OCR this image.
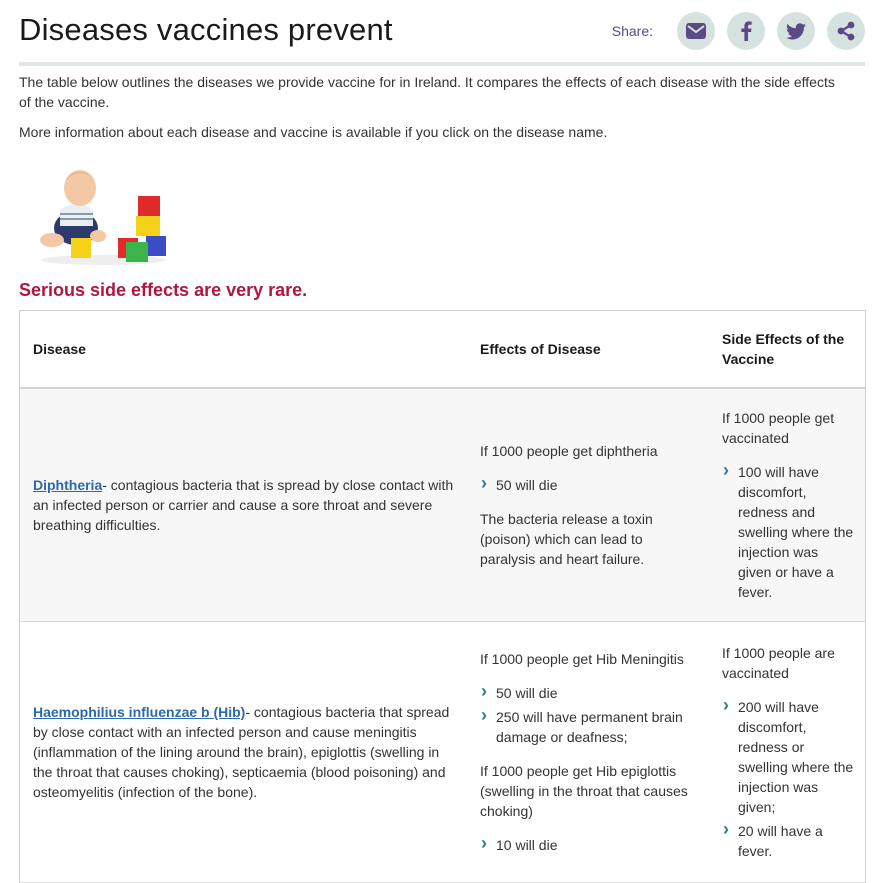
Diseases vaccines prevent	Share:

The table below outlines the diseases we provide vaccine for in Ireland. It compares the effects of each disease with the side effects of the vaccine.

More information about each disease and vaccine is available if you click on the disease name.

Serious side effects are very rare.
Disease	Effects of Disease
Side Effects of the Vaccine

Diphtheria- contagious bacteria that is spread by close contact with an infected person or carrier and cause a sore throat and severe breathing difficulties.

If 1000 people get diphtheria

› 50 will die

The bacteria release a toxin (poison) which can lead to paralysis and heart failure.

If 1000 people get vaccinated

› 100 will have discomfort, redness and swelling where the injection was given or have a fever.

Haemophilius influenzae b (Hib)- contagious bacteria that spread by close contact with an infected person and cause meningitis (inflammation of the lining around the brain), epiglottis (swelling in the throat that causes choking), septicaemia (blood poisoning) and osteomyelitis (infection of the bone).

If 1000 people get Hib Meningitis

› 50 will die
› 250 will have permanent brain damage or deafness;

If 1000 people get Hib epiglottis (swelling in the throat that causes choking)

› 10 will die

If 1000 people are vaccinated

› 200 will have discomfort, redness or swelling where the injection was given;
› 20 will have a fever.
